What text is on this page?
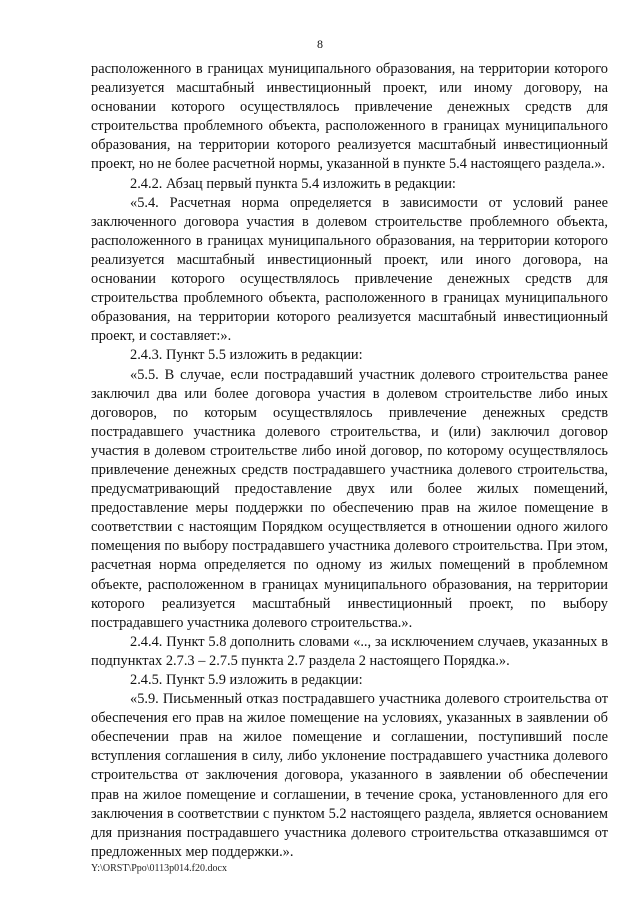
8

расположенного в границах муниципального образования, на территории которого реализуется масштабный инвестиционный проект, или иному договору, на основании которого осуществлялось привлечение денежных средств для строительства проблемного объекта, расположенного в границах муниципального образования, на территории которого реализуется масштабный инвестиционный проект, но не более расчетной нормы, указанной в пункте 5.4 настоящего раздела.».

2.4.2. Абзац первый пункта 5.4 изложить в редакции:

«5.4. Расчетная норма определяется в зависимости от условий ранее заключенного договора участия в долевом строительстве проблемного объекта, расположенного в границах муниципального образования, на территории которого реализуется масштабный инвестиционный проект, или иного договора, на основании которого осуществлялось привлечение денежных средств для строительства проблемного объекта, расположенного в границах муниципального образования, на территории которого реализуется масштабный инвестиционный проект, и составляет:».

2.4.3. Пункт 5.5 изложить в редакции:

«5.5. В случае, если пострадавший участник долевого строительства ранее заключил два или более договора участия в долевом строительстве либо иных договоров, по которым осуществлялось привлечение денежных средств пострадавшего участника долевого строительства, и (или) заключил договор участия в долевом строительстве либо иной договор, по которому осуществлялось привлечение денежных средств пострадавшего участника долевого строительства, предусматривающий предоставление двух или более жилых помещений, предоставление меры поддержки по обеспечению прав на жилое помещение в соответствии с настоящим Порядком осуществляется в отношении одного жилого помещения по выбору пострадавшего участника долевого строительства. При этом, расчетная норма определяется по одному из жилых помещений в проблемном объекте, расположенном в границах муниципального образования, на территории которого реализуется масштабный инвестиционный проект, по выбору пострадавшего участника долевого строительства.».

2.4.4. Пункт 5.8 дополнить словами «.., за исключением случаев, указанных в подпунктах 2.7.3 – 2.7.5 пункта 2.7 раздела 2 настоящего Порядка.».

2.4.5. Пункт 5.9 изложить в редакции:

«5.9. Письменный отказ пострадавшего участника долевого строительства от обеспечения его прав на жилое помещение на условиях, указанных в заявлении об обеспечении прав на жилое помещение и соглашении, поступивший после вступления соглашения в силу, либо уклонение пострадавшего участника долевого строительства от заключения договора, указанного в заявлении об обеспечении прав на жилое помещение и соглашении, в течение срока, установленного для его заключения в соответствии с пунктом 5.2 настоящего раздела, является основанием для признания пострадавшего участника долевого строительства отказавшимся от предложенных мер поддержки.».

Y:\ORST\Ppo\0113p014.f20.docx
